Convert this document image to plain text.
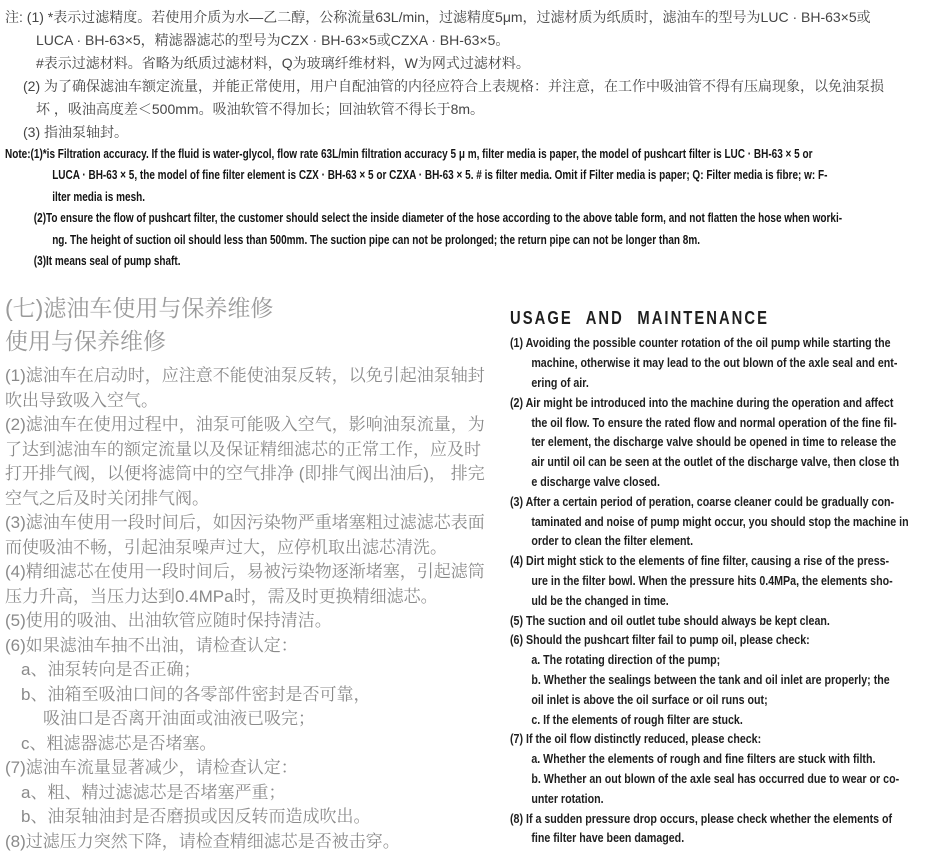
注: (1) *表示过滤精度。若使用介质为水—乙二醇，公称流量63L/min，过滤精度5μm，过滤材质为纸质时，滤油车的型号为LUC · BH-63×5或
LUCA · BH-63×5，精滤器滤芯的型号为CZX · BH-63×5或CZXA · BH-63×5。
#表示过滤材料。省略为纸质过滤材料，Q为玻璃纤维材料，W为网式过滤材料。
(2) 为了确保滤油车额定流量，并能正常使用，用户自配油管的内径应符合上表规格：并注意，在工作中吸油管不得有压扁现象，以免油泵损
坏 ，吸油高度差＜500mm。吸油软管不得加长；回油软管不得长于8m。
(3) 指油泵轴封。
Note:(1)*is Filtration accuracy. If the fluid is water-glycol, flow rate 63L/min filtration accuracy 5 μ m, filter media is paper, the model of pushcart filter is LUC · BH-63 × 5 or
LUCA · BH-63 × 5, the model of fine filter element is CZX · BH-63 × 5 or CZXA · BH-63 × 5. # is filter media. Omit if Filter media is paper; Q: Filter media is fibre; w: F-
ilter media is mesh.
(2)To ensure the flow of pushcart filter, the customer should select the inside diameter of the hose according to the above table form, and not flatten the hose when worki-
ng. The height of suction oil should less than 500mm. The suction pipe can not be prolonged; the return pipe can not be longer than 8m.
(3)It means seal of pump shaft.
(七)滤油车使用与保养维修
使用与保养维修
(1)滤油车在启动时，应注意不能使油泵反转，以免引起油泵轴封
吹出导致吸入空气。
(2)滤油车在使用过程中，油泵可能吸入空气，影响油泵流量，为
了达到滤油车的额定流量以及保证精细滤芯的正常工作，应及时
打开排气阀，以便将滤筒中的空气排净 (即排气阀出油后)， 排完
空气之后及时关闭排气阀。
(3)滤油车使用一段时间后，如因污染物严重堵塞粗过滤滤芯表面
而使吸油不畅，引起油泵噪声过大，应停机取出滤芯清洗。
(4)精细滤芯在使用一段时间后，易被污染物逐渐堵塞，引起滤筒
压力升高，当压力达到0.4MPa时，需及时更换精细滤芯。
(5)使用的吸油、出油软管应随时保持清洁。
(6)如果滤油车抽不出油，请检查认定：
a、油泵转向是否正确；
b、油箱至吸油口间的各零部件密封是否可靠，
吸油口是否离开油面或油液已吸完；
c、粗滤器滤芯是否堵塞。
(7)滤油车流量显著减少，请检查认定：
a、粗、精过滤滤芯是否堵塞严重；
b、油泵轴油封是否磨损或因反转而造成吹出。
(8)过滤压力突然下降，请检查精细滤芯是否被击穿。
USAGE AND MAINTENANCE
(1) Avoiding the possible counter rotation of the oil pump while starting the
machine, otherwise it may lead to the out blown of the axle seal and ent-
ering of air.
(2) Air might be introduced into the machine during the operation and affect
the oil flow. To ensure the rated flow and normal operation of the fine fil-
ter element, the discharge valve should be opened in time to release the
air until oil can be seen at the outlet of the discharge valve, then close th
e discharge valve closed.
(3) After a certain period of peration, coarse cleaner could be gradually con-
taminated and noise of pump might occur, you should stop the machine in
order to clean the filter element.
(4) Dirt might stick to the elements of fine filter, causing a rise of the press-
ure in the filter bowl. When the pressure hits 0.4MPa, the elements sho-
uld be the changed in time.
(5) The suction and oil outlet tube should always be kept clean.
(6) Should the pushcart filter fail to pump oil, please check:
a. The rotating direction of the pump;
b. Whether the sealings between the tank and oil inlet are properly; the
oil inlet is above the oil surface or oil runs out;
c. If the elements of rough filter are stuck.
(7) If the oil flow distinctly reduced, please check:
a. Whether the elements of rough and fine filters are stuck with filth.
b. Whether an out blown of the axle seal has occurred due to wear or co-
unter rotation.
(8) If a sudden pressure drop occurs, please check whether the elements of
fine filter have been damaged.
